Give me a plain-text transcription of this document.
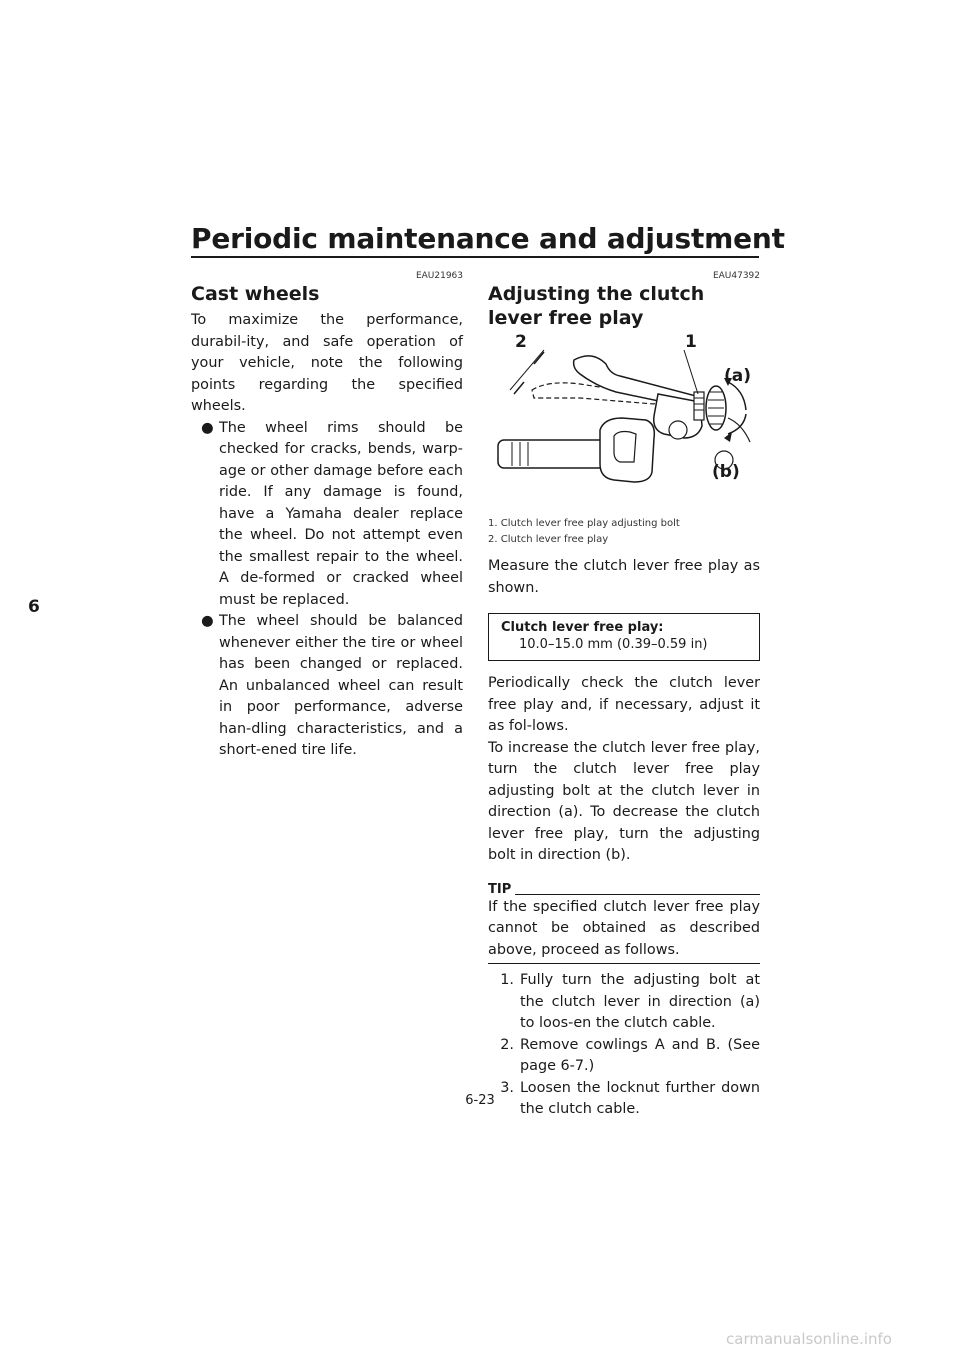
Periodic maintenance and adjustment
6
EAU21963
Cast wheels

To maximize the performance, durabil-ity, and safe operation of your vehicle, note the following points regarding the specified wheels.

● The wheel rims should be checked for cracks, bends, warp-age or other damage before each ride. If any damage is found, have a Yamaha dealer replace the wheel. Do not attempt even the smallest repair to the wheel. A de-formed or cracked wheel must be replaced.
● The wheel should be balanced whenever either the tire or wheel has been changed or replaced. An unbalanced wheel can result in poor performance, adverse han-dling characteristics, and a short-ened tire life.
EAU47392
Adjusting the clutch lever free play
2	1
(a)
(b)
1. Clutch lever free play adjusting bolt
2. Clutch lever free play

Measure the clutch lever free play as shown.

Clutch lever free play:
10.0–15.0 mm (0.39–0.59 in)

Periodically check the clutch lever free play and, if necessary, adjust it as fol-lows.

To increase the clutch lever free play, turn the clutch lever free play adjusting bolt at the clutch lever in direction (a). To decrease the clutch lever free play, turn the adjusting bolt in direction (b).

TIP

If the specified clutch lever free play cannot be obtained as described above, proceed as follows.

1. Fully turn the adjusting bolt at the clutch lever in direction (a) to loos-en the clutch cable.
2. Remove cowlings A and B. (See page 6-7.)
3. Loosen the locknut further down the clutch cable.
6-23
carmanualsonline.info
